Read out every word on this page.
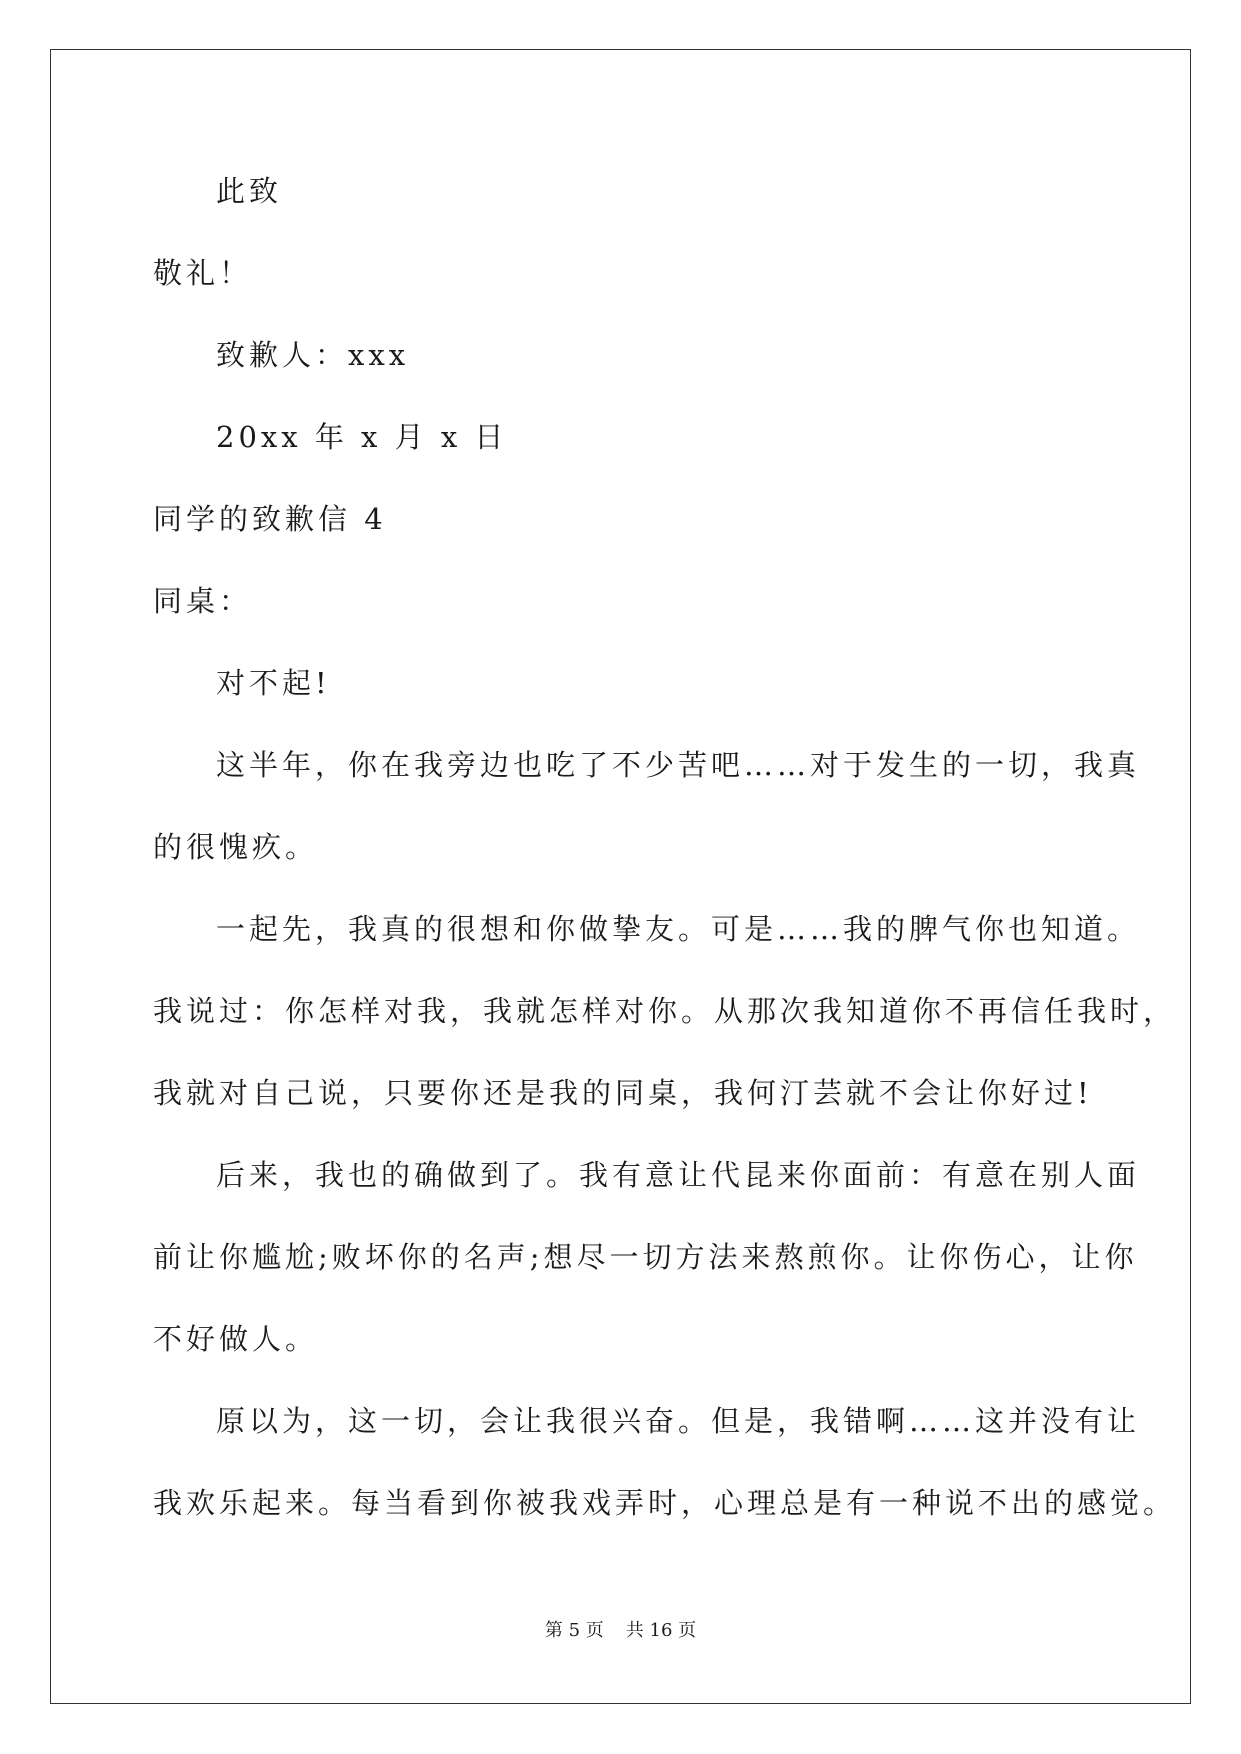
此致

敬礼！

致歉人：xxx

20xx 年 x 月 x 日

同学的致歉信 4

同桌：

对不起!

这半年，你在我旁边也吃了不少苦吧……对于发生的一切，我真

的很愧疚。

一起先，我真的很想和你做挚友。可是……我的脾气你也知道。

我说过：你怎样对我，我就怎样对你。从那次我知道你不再信任我时，

我就对自己说，只要你还是我的同桌，我何汀芸就不会让你好过!

后来，我也的确做到了。我有意让代昆来你面前：有意在别人面

前让你尴尬;败坏你的名声;想尽一切方法来熬煎你。让你伤心，让你

不好做人。

原以为，这一切，会让我很兴奋。但是，我错啊……这并没有让

我欢乐起来。每当看到你被我戏弄时，心理总是有一种说不出的感觉。

第 5 页 共 16 页
